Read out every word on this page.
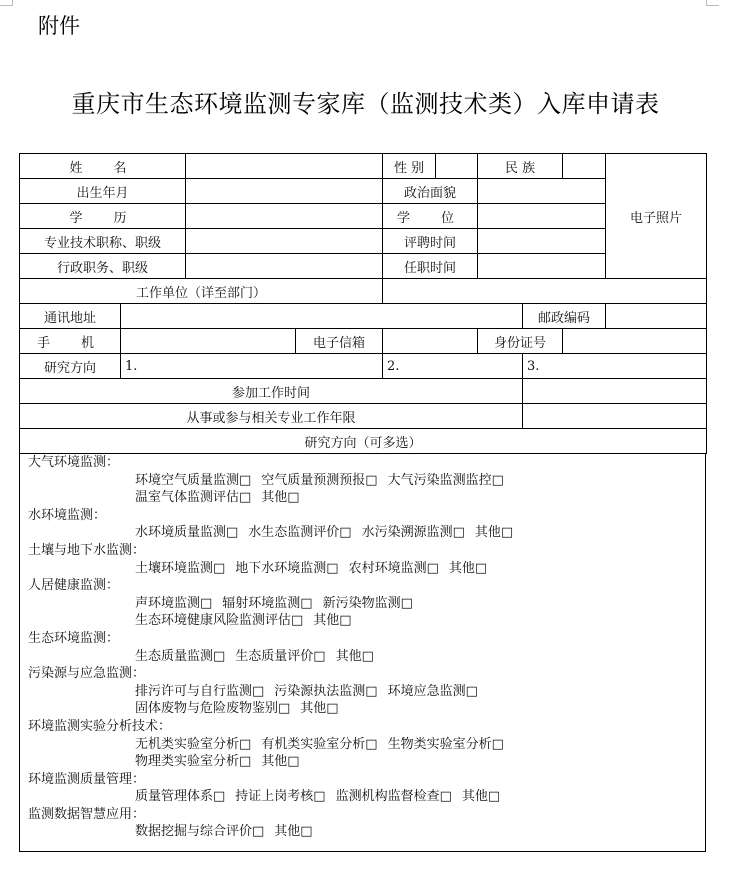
附件
重庆市生态环境监测专家库（监测技术类）入库申请表
姓　名				性 别		民 族			电子照片
出生年月				政治面貌					
学　历				学　位					
专业技术职称、职级				评聘时间					
行政职务、职级				任职时间					
工作单位（详至部门）									
通讯地址							邮政编码		
手　机			电子信箱			身份证号			
研究方向	1.			2.			3.		
参加工作时间									
从事或参与相关专业工作年限									
研究方向（可多选）									
大气环境监测：
环境空气质量监测□ 空气质量预测预报□ 大气污染监测监控□
温室气体监测评估□ 其他□
水环境监测：
水环境质量监测□ 水生态监测评价□ 水污染溯源监测□ 其他□
土壤与地下水监测：
土壤环境监测□ 地下水环境监测□ 农村环境监测□ 其他□
人居健康监测：
声环境监测□ 辐射环境监测□ 新污染物监测□
生态环境健康风险监测评估□ 其他□
生态环境监测：
生态质量监测□ 生态质量评价□ 其他□
污染源与应急监测：
排污许可与自行监测□ 污染源执法监测□ 环境应急监测□
固体废物与危险废物鉴别□ 其他□
环境监测实验分析技术：
无机类实验室分析□ 有机类实验室分析□ 生物类实验室分析□
物理类实验室分析□ 其他□
环境监测质量管理：
质量管理体系□ 持证上岗考核□ 监测机构监督检查□ 其他□
监测数据智慧应用：
数据挖掘与综合评价□ 其他□
